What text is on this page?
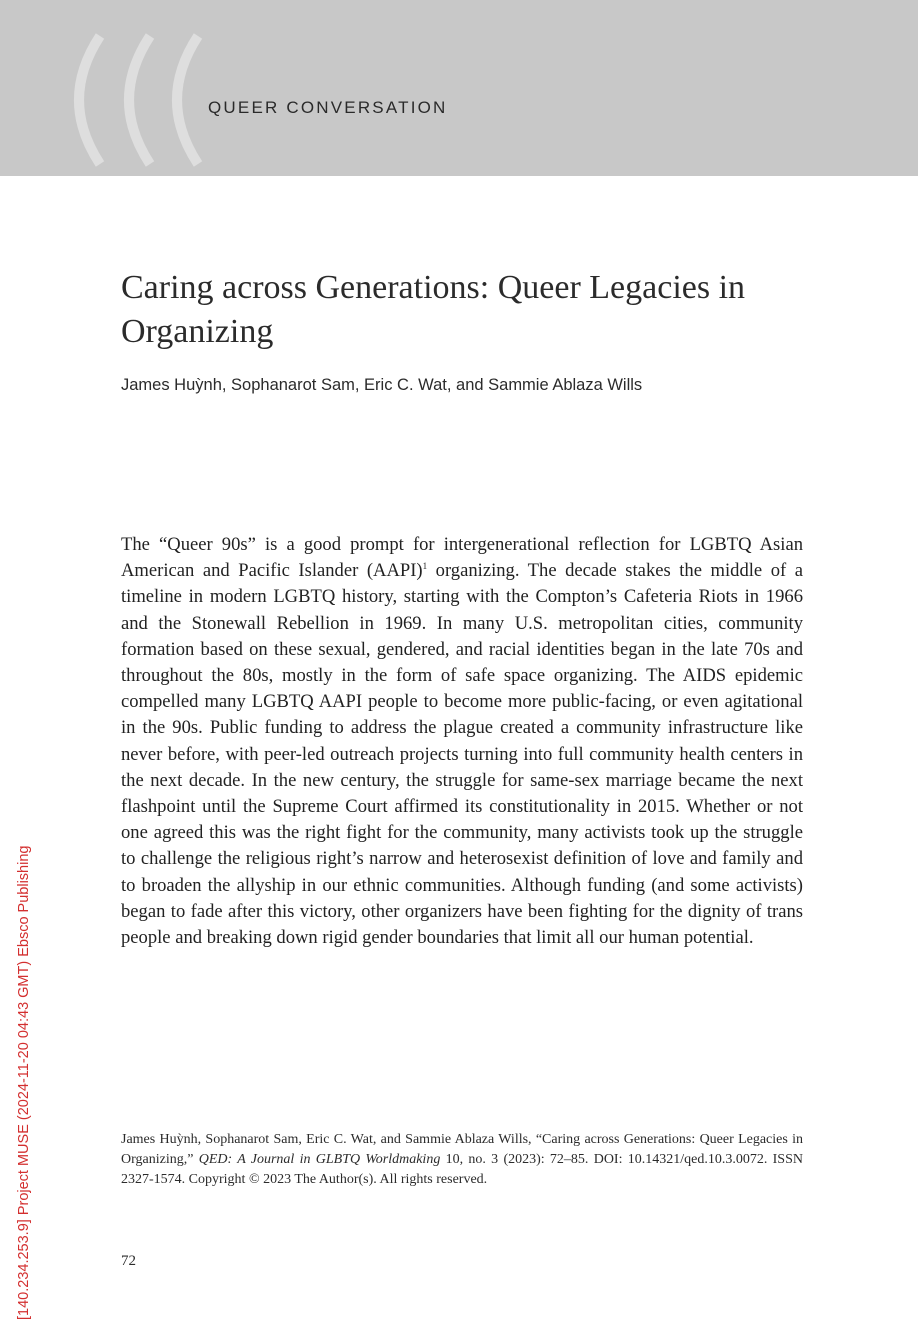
QUEER CONVERSATION
Caring across Generations: Queer Legacies in Organizing
James Huỳnh, Sophanarot Sam, Eric C. Wat, and Sammie Ablaza Wills

The “Queer 90s” is a good prompt for intergenerational reflection for LGBTQ Asian American and Pacific Islander (AAPI)$^1$ organizing. The decade stakes the middle of a timeline in modern LGBTQ history, starting with the Compton’s Cafeteria Riots in 1966 and the Stonewall Rebellion in 1969. In many U.S. metropolitan cities, community formation based on these sexual, gendered, and racial identities began in the late 70s and throughout the 80s, mostly in the form of safe space organizing. The AIDS epidemic compelled many LGBTQ AAPI people to become more public-facing, or even agitational in the 90s. Public funding to address the plague created a community infrastructure like never before, with peer-led outreach projects turning into full community health centers in the next decade. In the new century, the struggle for same-sex marriage became the next flashpoint until the Supreme Court affirmed its constitutionality in 2015. Whether or not one agreed this was the right fight for the community, many activists took up the struggle to challenge the religious right’s narrow and heterosexist definition of love and family and to broaden the allyship in our ethnic communities. Although funding (and some activists) began to fade after this victory, other organizers have been fighting for the dignity of trans people and breaking down rigid gender boundaries that limit all our human potential.

James Huỳnh, Sophanarot Sam, Eric C. Wat, and Sammie Ablaza Wills, “Caring across Generations: Queer Legacies in Organizing,” QED: A Journal in GLBTQ Worldmaking 10, no. 3 (2023): 72–85. DOI: 10.14321/qed.10.3.0072. ISSN 2327-1574. Copyright © 2023 The Author(s). All rights reserved.

72
[140.234.253.9] Project MUSE (2024-11-20 04:43 GMT) Ebsco Publishing
